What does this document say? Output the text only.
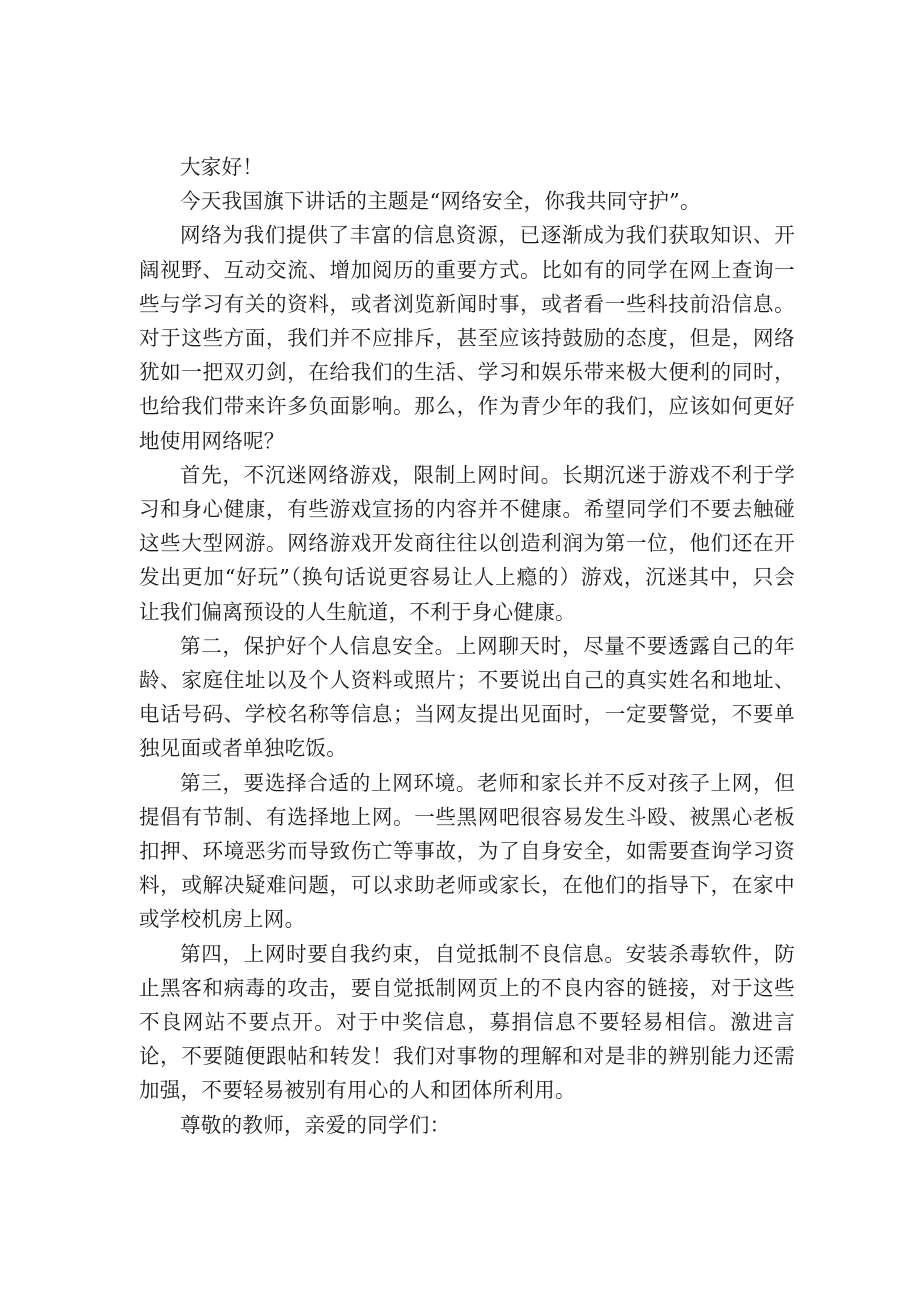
大家好！

今天我国旗下讲话的主题是“网络安全，你我共同守护”。

网络为我们提供了丰富的信息资源，已逐渐成为我们获取知识、开阔视野、互动交流、增加阅历的重要方式。比如有的同学在网上查询一些与学习有关的资料，或者浏览新闻时事，或者看一些科技前沿信息。对于这些方面，我们并不应排斥，甚至应该持鼓励的态度，但是，网络犹如一把双刃剑，在给我们的生活、学习和娱乐带来极大便利的同时，也给我们带来许多负面影响。那么，作为青少年的我们，应该如何更好地使用网络呢？

首先，不沉迷网络游戏，限制上网时间。长期沉迷于游戏不利于学习和身心健康，有些游戏宣扬的内容并不健康。希望同学们不要去触碰这些大型网游。网络游戏开发商往往以创造利润为第一位，他们还在开发出更加“好玩”（换句话说更容易让人上瘾的）游戏，沉迷其中，只会让我们偏离预设的人生航道，不利于身心健康。

第二，保护好个人信息安全。上网聊天时，尽量不要透露自己的年龄、家庭住址以及个人资料或照片；不要说出自己的真实姓名和地址、电话号码、学校名称等信息；当网友提出见面时，一定要警觉，不要单独见面或者单独吃饭。

第三，要选择合适的上网环境。老师和家长并不反对孩子上网，但提倡有节制、有选择地上网。一些黑网吧很容易发生斗殴、被黑心老板扣押、环境恶劣而导致伤亡等事故，为了自身安全，如需要查询学习资料，或解决疑难问题，可以求助老师或家长，在他们的指导下，在家中或学校机房上网。

第四，上网时要自我约束，自觉抵制不良信息。安装杀毒软件，防止黑客和病毒的攻击，要自觉抵制网页上的不良内容的链接，对于这些不良网站不要点开。对于中奖信息，募捐信息不要轻易相信。激进言论，不要随便跟帖和转发！我们对事物的理解和对是非的辨别能力还需加强，不要轻易被别有用心的人和团体所利用。

尊敬的教师，亲爱的同学们：
